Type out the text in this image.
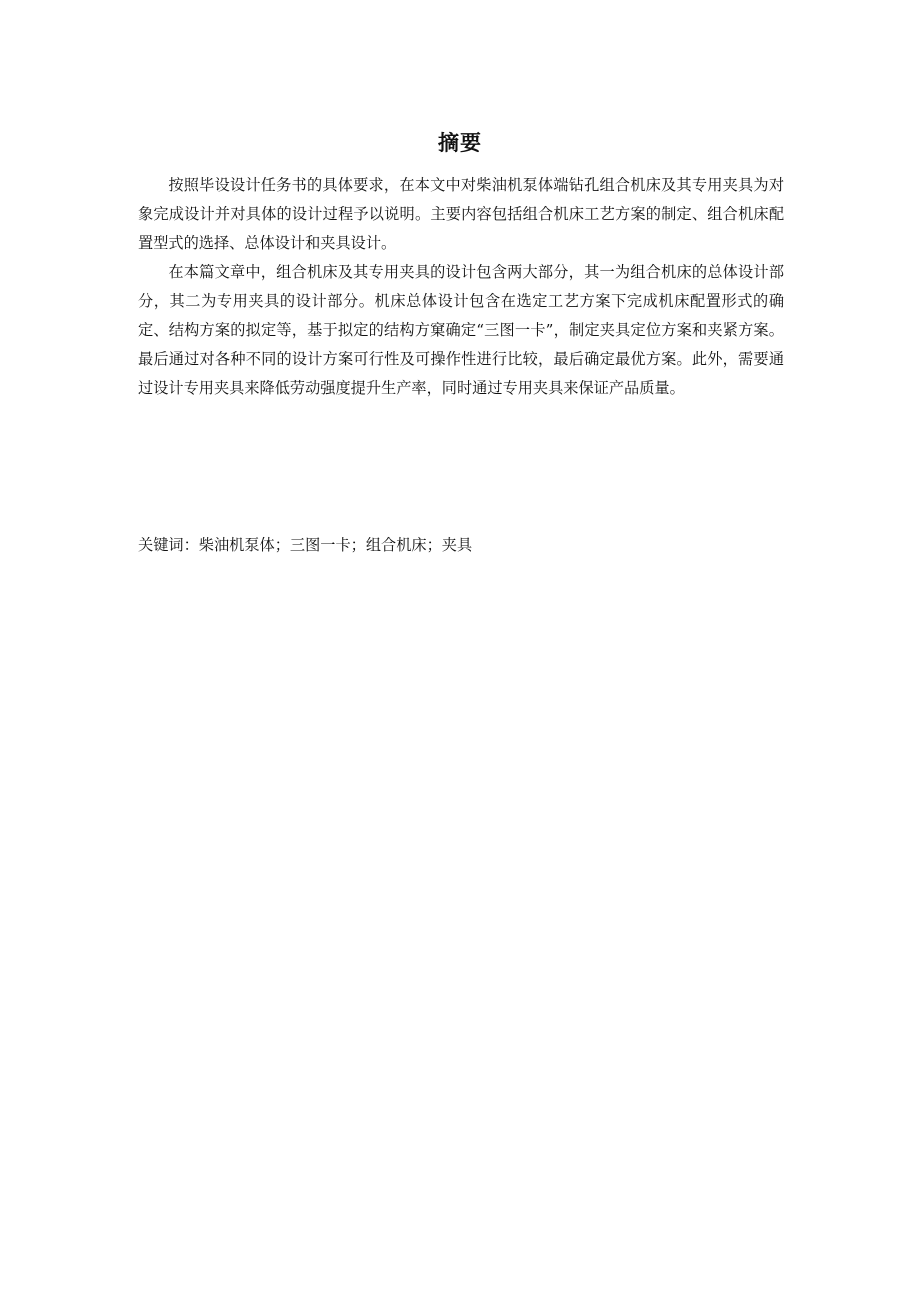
摘要

按照毕设设计任务书的具体要求，在本文中对柴油机泵体端钻孔组合机床及其专用夹具为对象完成设计并对具体的设计过程予以说明。主要内容包括组合机床工艺方案的制定、组合机床配置型式的选择、总体设计和夹具设计。

在本篇文章中，组合机床及其专用夹具的设计包含两大部分，其一为组合机床的总体设计部分，其二为专用夹具的设计部分。机床总体设计包含在选定工艺方案下完成机床配置形式的确定、结构方案的拟定等，基于拟定的结构方窠确定“三图一卡”，制定夹具定位方案和夹紧方案。最后通过对各种不同的设计方案可行性及可操作性进行比较，最后确定最优方案。此外，需要通过设计专用夹具来降低劳动强度提升生产率，同时通过专用夹具来保证产品质量。

关键词：柴油机泵体；三图一卡；组合机床；夹具
